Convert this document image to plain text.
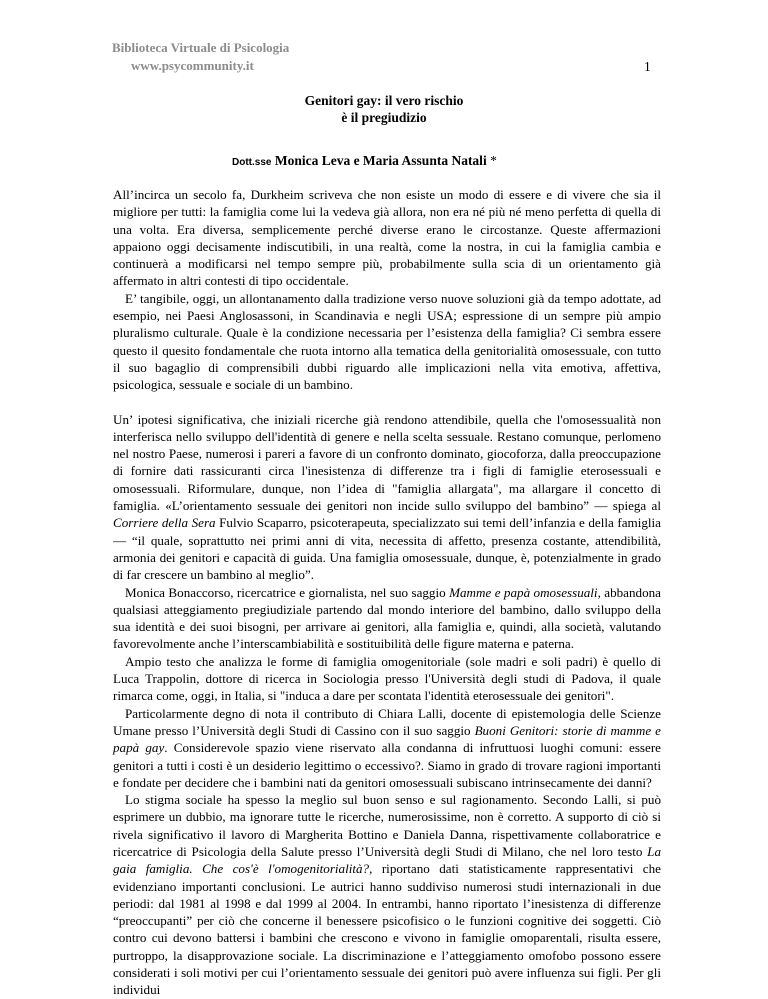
Biblioteca Virtuale di Psicologia
www.psycommunity.it	1
Genitori gay: il vero rischio
è il pregiudizio
Dott.sse Monica Leva e Maria Assunta Natali *

All’incirca un secolo fa, Durkheim scriveva che non esiste un modo di essere e di vivere che sia il migliore per tutti: la famiglia come lui la vedeva già allora, non era né più né meno perfetta di quella di una volta. Era diversa, semplicemente perché diverse erano le circostanze. Queste affermazioni appaiono oggi decisamente indiscutibili, in una realtà, come la nostra, in cui la famiglia cambia e continuerà a modificarsi nel tempo sempre più, probabilmente sulla scia di un orientamento già affermato in altri contesti di tipo occidentale.

E’ tangibile, oggi, un allontanamento dalla tradizione verso nuove soluzioni già da tempo adottate, ad esempio, nei Paesi Anglosassoni, in Scandinavia e negli USA; espressione di un sempre più ampio pluralismo culturale. Quale è la condizione necessaria per l’esistenza della famiglia? Ci sembra essere questo il quesito fondamentale che ruota intorno alla tematica della genitorialità omosessuale, con tutto il suo bagaglio di comprensibili dubbi riguardo alle implicazioni nella vita emotiva, affettiva, psicologica, sessuale e sociale di un bambino.

Un’ ipotesi significativa, che iniziali ricerche già rendono attendibile, quella che l'omosessualità non interferisca nello sviluppo dell'identità di genere e nella scelta sessuale. Restano comunque, perlomeno nel nostro Paese, numerosi i pareri a favore di un confronto dominato, giocoforza, dalla preoccupazione di fornire dati rassicuranti circa l'inesistenza di differenze tra i figli di famiglie eterosessuali e omosessuali. Riformulare, dunque, non l’idea di "famiglia allargata", ma allargare il concetto di famiglia. «L’orientamento sessuale dei genitori non incide sullo sviluppo del bambino” — spiega al Corriere della Sera Fulvio Scaparro, psicoterapeuta, specializzato sui temi dell’infanzia e della famiglia — “il quale, soprattutto nei primi anni di vita, necessita di affetto, presenza costante, attendibilità, armonia dei genitori e capacità di guida. Una famiglia omosessuale, dunque, è, potenzialmente in grado di far crescere un bambino al meglio”.

Monica Bonaccorso, ricercatrice e giornalista, nel suo saggio Mamme e papà omosessuali, abbandona qualsiasi atteggiamento pregiudiziale partendo dal mondo interiore del bambino, dallo sviluppo della sua identità e dei suoi bisogni, per arrivare ai genitori, alla famiglia e, quindi, alla società, valutando favorevolmente anche l’interscambiabilità e sostituibilità delle figure materna e paterna.

Ampio testo che analizza le forme di famiglia omogenitoriale (sole madri e soli padri) è quello di Luca Trappolin, dottore di ricerca in Sociologia presso l'Università degli studi di Padova, il quale rimarca come, oggi, in Italia, si "induca a dare per scontata l'identità eterosessuale dei genitori".

Particolarmente degno di nota il contributo di Chiara Lalli, docente di epistemologia delle Scienze Umane presso l’Università degli Studi di Cassino con il suo saggio Buoni Genitori: storie di mamme e papà gay. Considerevole spazio viene riservato alla condanna di infruttuosi luoghi comuni: essere genitori a tutti i costi è un desiderio legittimo o eccessivo?. Siamo in grado di trovare ragioni importanti e fondate per decidere che i bambini nati da genitori omosessuali subiscano intrinsecamente dei danni?

Lo stigma sociale ha spesso la meglio sul buon senso e sul ragionamento. Secondo Lalli, si può esprimere un dubbio, ma ignorare tutte le ricerche, numerosissime, non è corretto. A supporto di ciò si rivela significativo il lavoro di Margherita Bottino e Daniela Danna, rispettivamente collaboratrice e ricercatrice di Psicologia della Salute presso l’Università degli Studi di Milano, che nel loro testo La gaia famiglia. Che cos'è l'omogenitorialità?, riportano dati statisticamente rappresentativi che evidenziano importanti conclusioni. Le autrici hanno suddiviso numerosi studi internazionali in due periodi: dal 1981 al 1998 e dal 1999 al 2004. In entrambi, hanno riportato l’inesistenza di differenze “preoccupanti” per ciò che concerne il benessere psicofisico o le funzioni cognitive dei soggetti. Ciò contro cui devono battersi i bambini che crescono e vivono in famiglie omoparentali, risulta essere, purtroppo, la disapprovazione sociale. La discriminazione e l’atteggiamento omofobo possono essere considerati i soli motivi per cui l’orientamento sessuale dei genitori può avere influenza sui figli. Per gli individui
